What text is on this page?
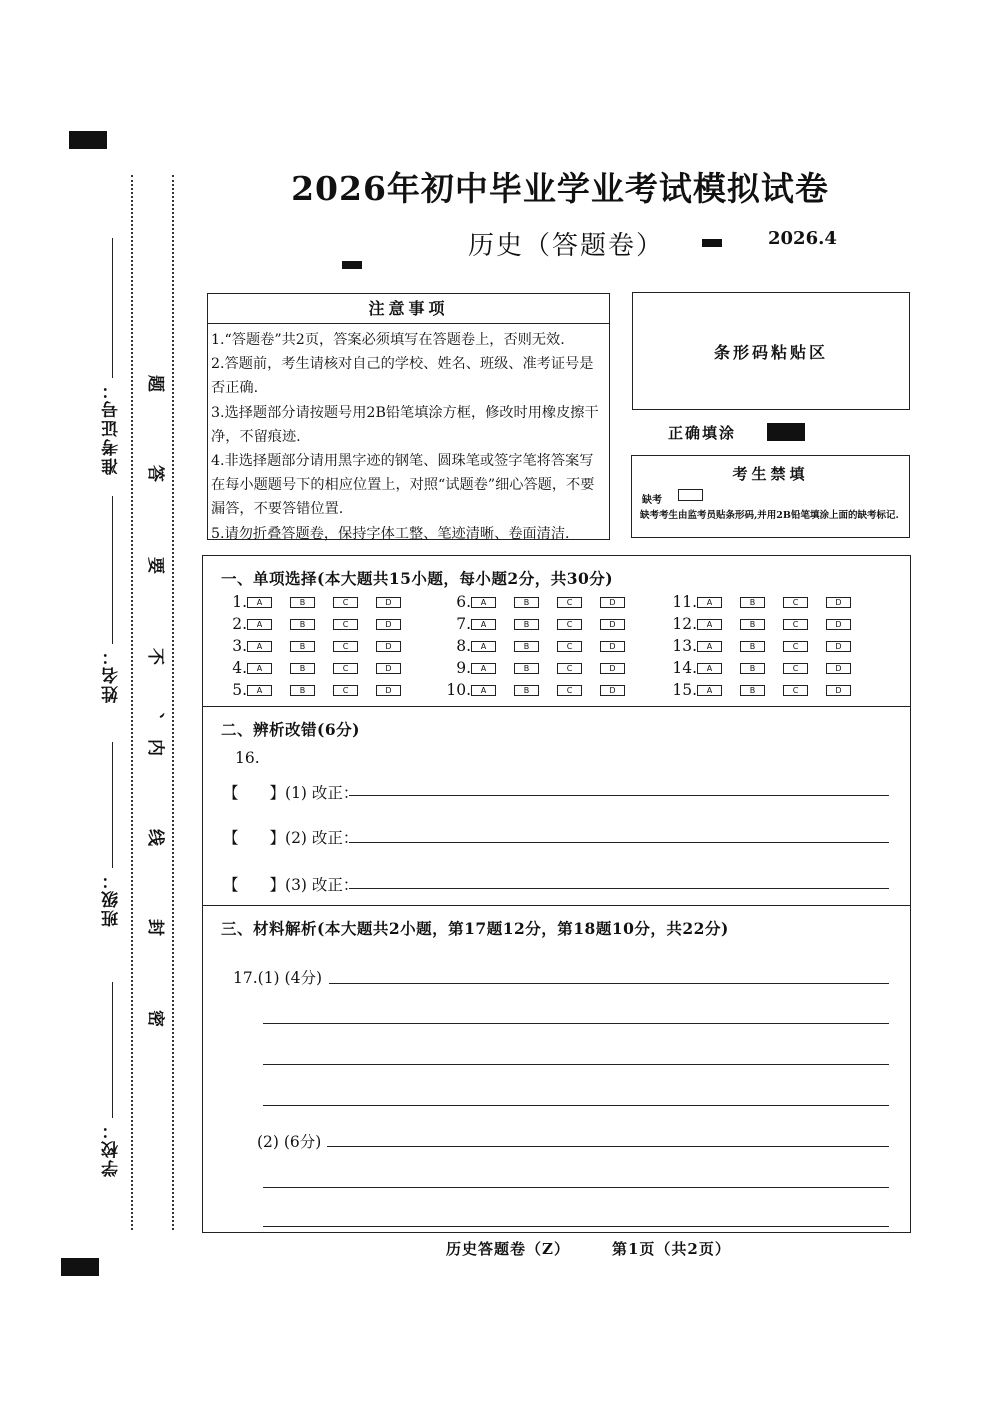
准考证号：
姓名：
班级：
学校：
题
答
要
不
、
内
线
封
密
2026年初中毕业学业考试模拟试卷
历史（答题卷）	2026.4
注意事项
1.“答题卷”共2页，答案必须填写在答题卷上，否则无效.
2.答题前，考生请核对自己的学校、姓名、班级、准考证号是否正确.
3.选择题部分请按题号用2B铅笔填涂方框，修改时用橡皮擦干净，不留痕迹.
4.非选择题部分请用黑字迹的钢笔、圆珠笔或签字笔将答案写在每小题题号下的相应位置上，对照“试题卷”细心答题，不要漏答，不要答错位置.
5.请勿折叠答题卷，保持字体工整、笔迹清晰、卷面清洁.
条形码粘贴区
正确填涂
考生禁填
缺考
缺考考生由监考员贴条形码,并用2B铅笔填涂上面的缺考标记.
一、单项选择(本大题共15小题，每小题2分，共30分)
1.	A	B	C	D
2.	A	B	C	D
3.	A	B	C	D
4.	A	B	C	D
5.	A	B	C	D
6.	A	B	C	D
7.	A	B	C	D
8.	A	B	C	D
9.	A	B	C	D
10.	A	B	C	D
11.	A	B	C	D
12.	A	B	C	D
13.	A	B	C	D
14.	A	B	C	D
15.	A	B	C	D
二、辨析改错(6分)
16.
【　　】 (1) 改正：
【　　】 (2) 改正：
【　　】 (3) 改正：
三、材料解析(本大题共2小题，第17题12分，第18题10分，共22分)
17.(1) (4分)
(2) (6分)
历史答题卷（Z）	第1页（共2页）
